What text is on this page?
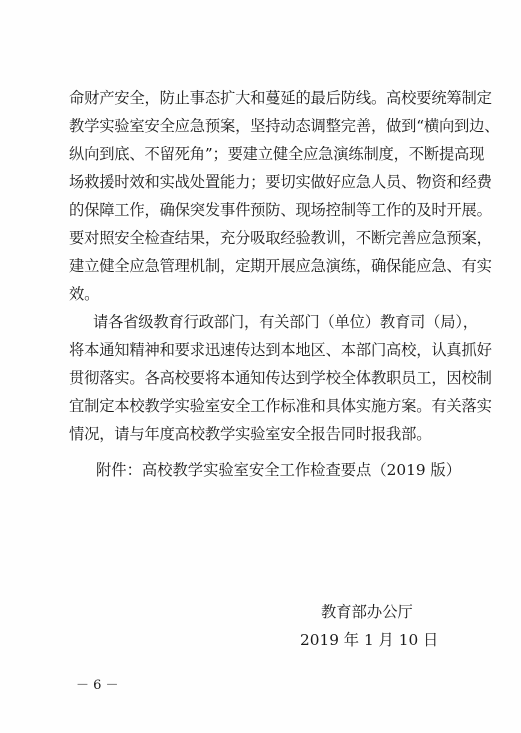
命财产安全，防止事态扩大和蔓延的最后防线。高校要统筹制定
教学实验室安全应急预案，坚持动态调整完善，做到“横向到边、
纵向到底、不留死角”；要建立健全应急演练制度，不断提高现
场救援时效和实战处置能力；要切实做好应急人员、物资和经费
的保障工作，确保突发事件预防、现场控制等工作的及时开展。
要对照安全检查结果，充分吸取经验教训，不断完善应急预案，
建立健全应急管理机制，定期开展应急演练，确保能应急、有实
效。
请各省级教育行政部门，有关部门（单位）教育司（局），
将本通知精神和要求迅速传达到本地区、本部门高校，认真抓好
贯彻落实。各高校要将本通知传达到学校全体教职员工，因校制
宜制定本校教学实验室安全工作标准和具体实施方案。有关落实
情况，请与年度高校教学实验室安全报告同时报我部。
附件：高校教学实验室安全工作检查要点（2019 版）
教育部办公厅
2019 年 1 月 10 日
－ 6 －
